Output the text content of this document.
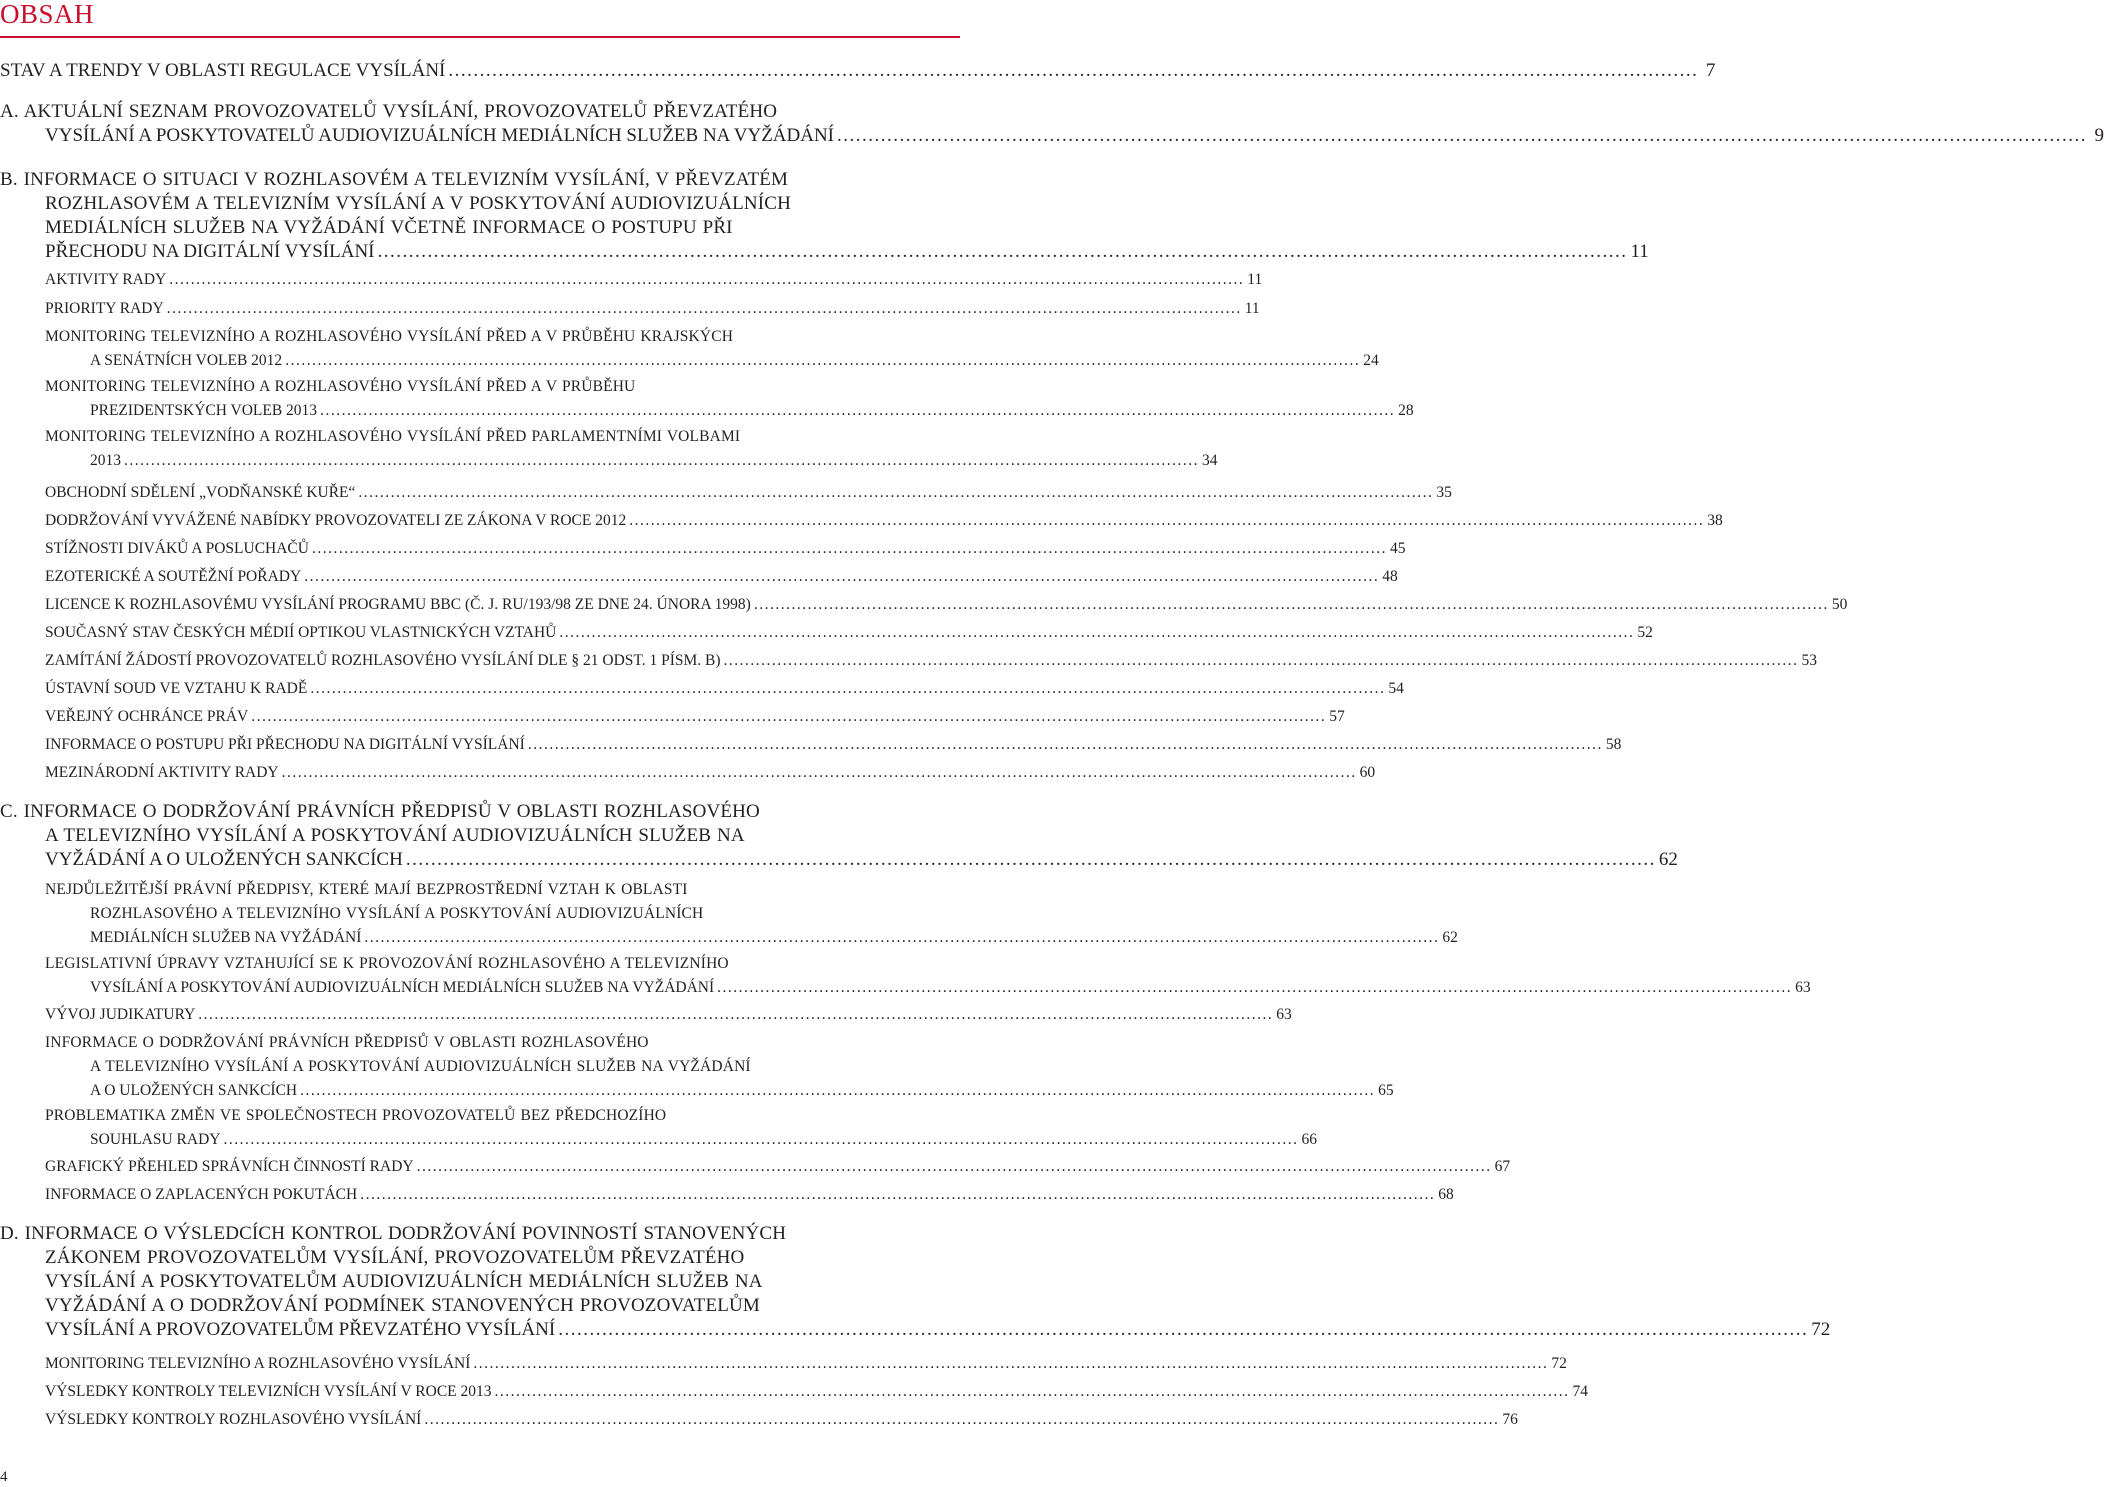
OBSAH
STAV A TRENDY V OBLASTI REGULACE VYSÍLÁNÍ ........................................................................................................................................................................................................ 7
A. AKTUÁLNÍ SEZNAM PROVOZOVATELŮ VYSÍLÁNÍ, PROVOZOVATELŮ PŘEVZATÉHO
VYSÍLÁNÍ A POSKYTOVATELŮ AUDIOVIZUÁLNÍCH MEDIÁLNÍCH SLUŽEB NA VYŽÁDÁNÍ ........................................................................................................................................................................................................ 9
B. INFORMACE O SITUACI V ROZHLASOVÉM A TELEVIZNÍM VYSÍLÁNÍ, V PŘEVZATÉM
ROZHLASOVÉM A TELEVIZNÍM VYSÍLÁNÍ A V POSKYTOVÁNÍ AUDIOVIZUÁLNÍCH
MEDIÁLNÍCH SLUŽEB NA VYŽÁDÁNÍ VČETNĚ INFORMACE O POSTUPU PŘI
PŘECHODU NA DIGITÁLNÍ VYSÍLÁNÍ ........................................................................................................................................................................................................ 11
AKTIVITY RADY ........................................................................................................................................................................................................ 11
PRIORITY RADY ........................................................................................................................................................................................................ 11
MONITORING TELEVIZNÍHO A ROZHLASOVÉHO VYSÍLÁNÍ PŘED A V PRŮBĚHU KRAJSKÝCH
A SENÁTNÍCH VOLEB 2012 ........................................................................................................................................................................................................ 24
MONITORING TELEVIZNÍHO A ROZHLASOVÉHO VYSÍLÁNÍ PŘED A V PRŮBĚHU
PREZIDENTSKÝCH VOLEB 2013 ........................................................................................................................................................................................................ 28
MONITORING TELEVIZNÍHO A ROZHLASOVÉHO VYSÍLÁNÍ PŘED PARLAMENTNÍMI VOLBAMI
2013 ........................................................................................................................................................................................................ 34
OBCHODNÍ SDĚLENÍ „VODŇANSKÉ KUŘE“ ........................................................................................................................................................................................................ 35
DODRŽOVÁNÍ VYVÁŽENÉ NABÍDKY PROVOZOVATELI ZE ZÁKONA V ROCE 2012 ........................................................................................................................................................................................................ 38
STÍŽNOSTI DIVÁKŮ A POSLUCHAČŮ ........................................................................................................................................................................................................ 45
EZOTERICKÉ A SOUTĚŽNÍ POŘADY ........................................................................................................................................................................................................ 48
LICENCE K ROZHLASOVÉMU VYSÍLÁNÍ PROGRAMU BBC (Č. J. RU/193/98 ZE DNE 24. ÚNORA 1998) ........................................................................................................................................................................................................ 50
SOUČASNÝ STAV ČESKÝCH MÉDIÍ OPTIKOU VLASTNICKÝCH VZTAHŮ ........................................................................................................................................................................................................ 52
ZAMÍTÁNÍ ŽÁDOSTÍ PROVOZOVATELŮ ROZHLASOVÉHO VYSÍLÁNÍ DLE § 21 ODST. 1 PÍSM. B) ........................................................................................................................................................................................................ 53
ÚSTAVNÍ SOUD VE VZTAHU K RADĚ ........................................................................................................................................................................................................ 54
VEŘEJNÝ OCHRÁNCE PRÁV ........................................................................................................................................................................................................ 57
INFORMACE O POSTUPU PŘI PŘECHODU NA DIGITÁLNÍ VYSÍLÁNÍ ........................................................................................................................................................................................................ 58
MEZINÁRODNÍ AKTIVITY RADY ........................................................................................................................................................................................................ 60
C. INFORMACE O DODRŽOVÁNÍ PRÁVNÍCH PŘEDPISŮ V OBLASTI ROZHLASOVÉHO
A TELEVIZNÍHO VYSÍLÁNÍ A POSKYTOVÁNÍ AUDIOVIZUÁLNÍCH SLUŽEB NA
VYŽÁDÁNÍ A O ULOŽENÝCH SANKCÍCH ........................................................................................................................................................................................................ 62
NEJDŮLEŽITĚJŠÍ PRÁVNÍ PŘEDPISY, KTERÉ MAJÍ BEZPROSTŘEDNÍ VZTAH K OBLASTI
ROZHLASOVÉHO A TELEVIZNÍHO VYSÍLÁNÍ A POSKYTOVÁNÍ AUDIOVIZUÁLNÍCH
MEDIÁLNÍCH SLUŽEB NA VYŽÁDÁNÍ ........................................................................................................................................................................................................ 62
LEGISLATIVNÍ ÚPRAVY VZTAHUJÍCÍ SE K PROVOZOVÁNÍ ROZHLASOVÉHO A TELEVIZNÍHO
VYSÍLÁNÍ A POSKYTOVÁNÍ AUDIOVIZUÁLNÍCH MEDIÁLNÍCH SLUŽEB NA VYŽÁDÁNÍ ........................................................................................................................................................................................................ 63
VÝVOJ JUDIKATURY ........................................................................................................................................................................................................ 63
INFORMACE O DODRŽOVÁNÍ PRÁVNÍCH PŘEDPISŮ V OBLASTI ROZHLASOVÉHO
A TELEVIZNÍHO VYSÍLÁNÍ A POSKYTOVÁNÍ AUDIOVIZUÁLNÍCH SLUŽEB NA VYŽÁDÁNÍ
A O ULOŽENÝCH SANKCÍCH ........................................................................................................................................................................................................ 65
PROBLEMATIKA ZMĚN VE SPOLEČNOSTECH PROVOZOVATELŮ BEZ PŘEDCHOZÍHO
SOUHLASU RADY ........................................................................................................................................................................................................ 66
GRAFICKÝ PŘEHLED SPRÁVNÍCH ČINNOSTÍ RADY ........................................................................................................................................................................................................ 67
INFORMACE O ZAPLACENÝCH POKUTÁCH ........................................................................................................................................................................................................ 68
D. INFORMACE O VÝSLEDCÍCH KONTROL DODRŽOVÁNÍ POVINNOSTÍ STANOVENÝCH
ZÁKONEM PROVOZOVATELŮM VYSÍLÁNÍ, PROVOZOVATELŮM PŘEVZATÉHO
VYSÍLÁNÍ A POSKYTOVATELŮM AUDIOVIZUÁLNÍCH MEDIÁLNÍCH SLUŽEB NA
VYŽÁDÁNÍ A O DODRŽOVÁNÍ PODMÍNEK STANOVENÝCH PROVOZOVATELŮM
VYSÍLÁNÍ A PROVOZOVATELŮM PŘEVZATÉHO VYSÍLÁNÍ ........................................................................................................................................................................................................ 72
MONITORING TELEVIZNÍHO A ROZHLASOVÉHO VYSÍLÁNÍ ........................................................................................................................................................................................................ 72
VÝSLEDKY KONTROLY TELEVIZNÍCH VYSÍLÁNÍ V ROCE 2013 ........................................................................................................................................................................................................ 74
VÝSLEDKY KONTROLY ROZHLASOVÉHO VYSÍLÁNÍ ........................................................................................................................................................................................................ 76
4
